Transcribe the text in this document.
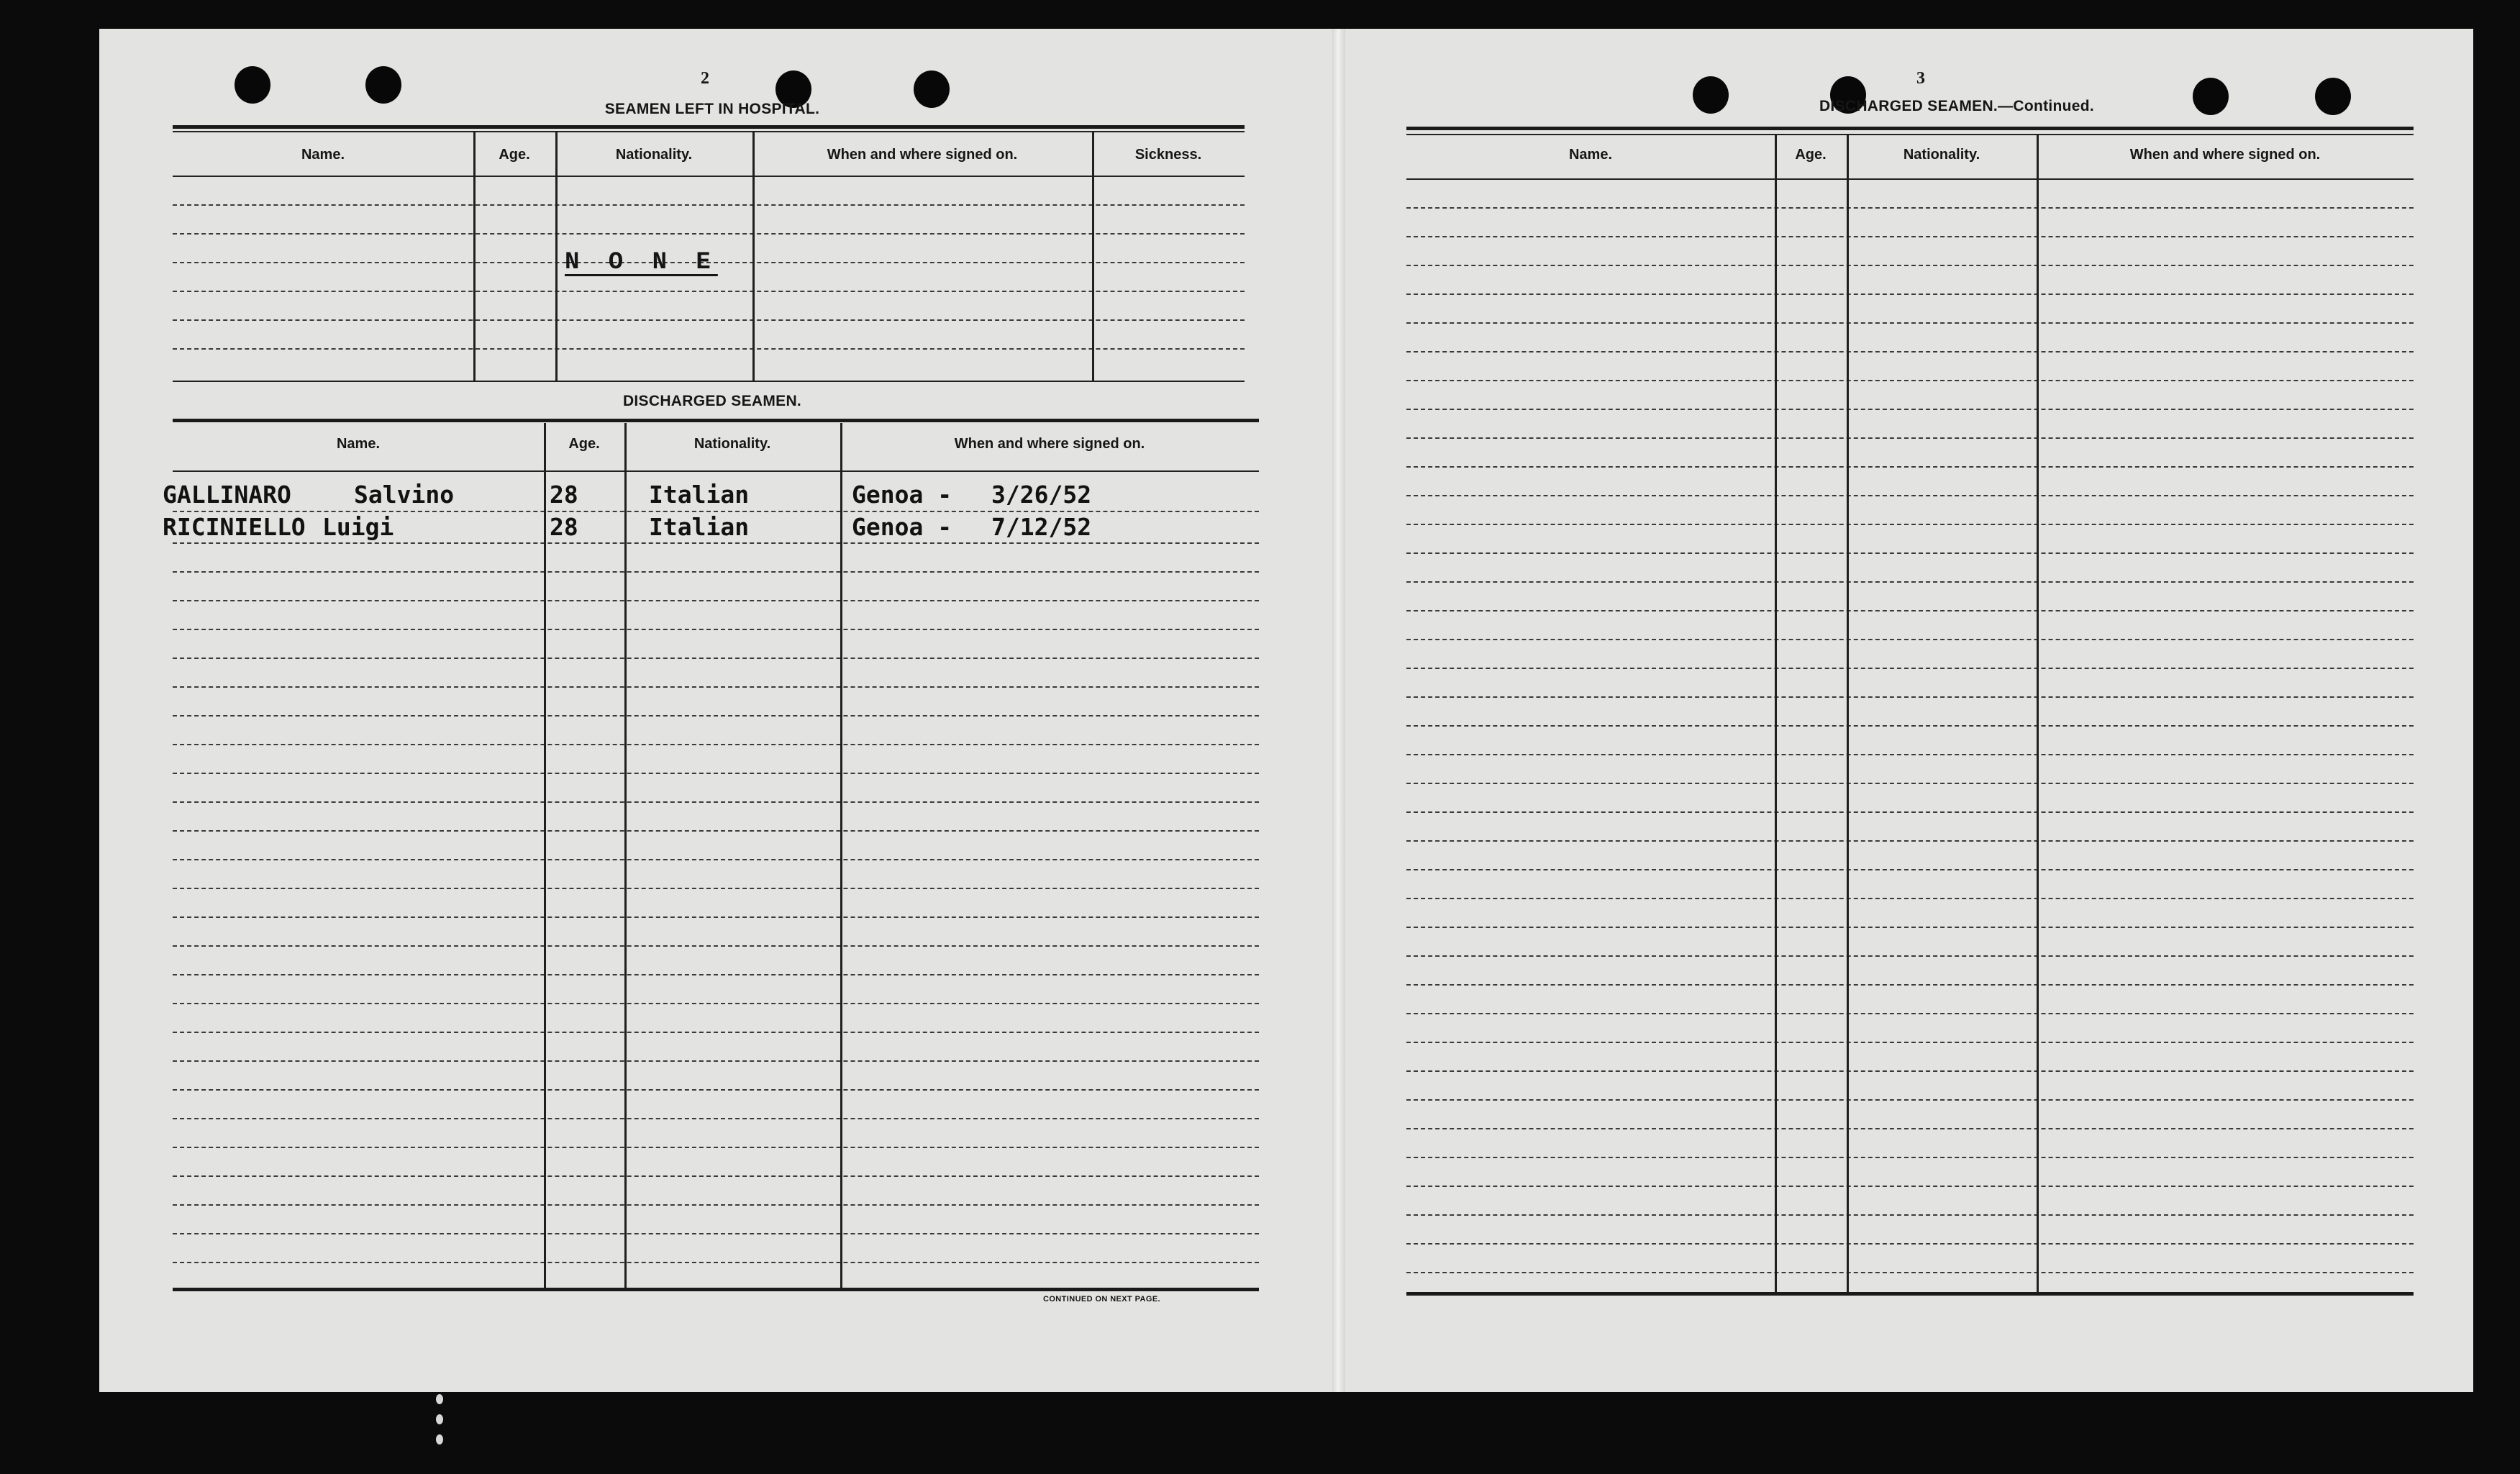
2
SEAMEN LEFT IN HOSPITAL.
Name.	Age.	Nationality.	When and where signed on.	Sickness.
N O N E
DISCHARGED SEAMEN.
Name.	Age.	Nationality.	When and where signed on.
GALLINARO	Salvino	28	Italian	Genoa - 3/26/52
RICINIELLO Luigi	28	Italian	Genoa - 7/12/52
CONTINUED ON NEXT PAGE.
3
DISCHARGED SEAMEN.—Continued.
Name.	Age.	Nationality.	When and where signed on.
